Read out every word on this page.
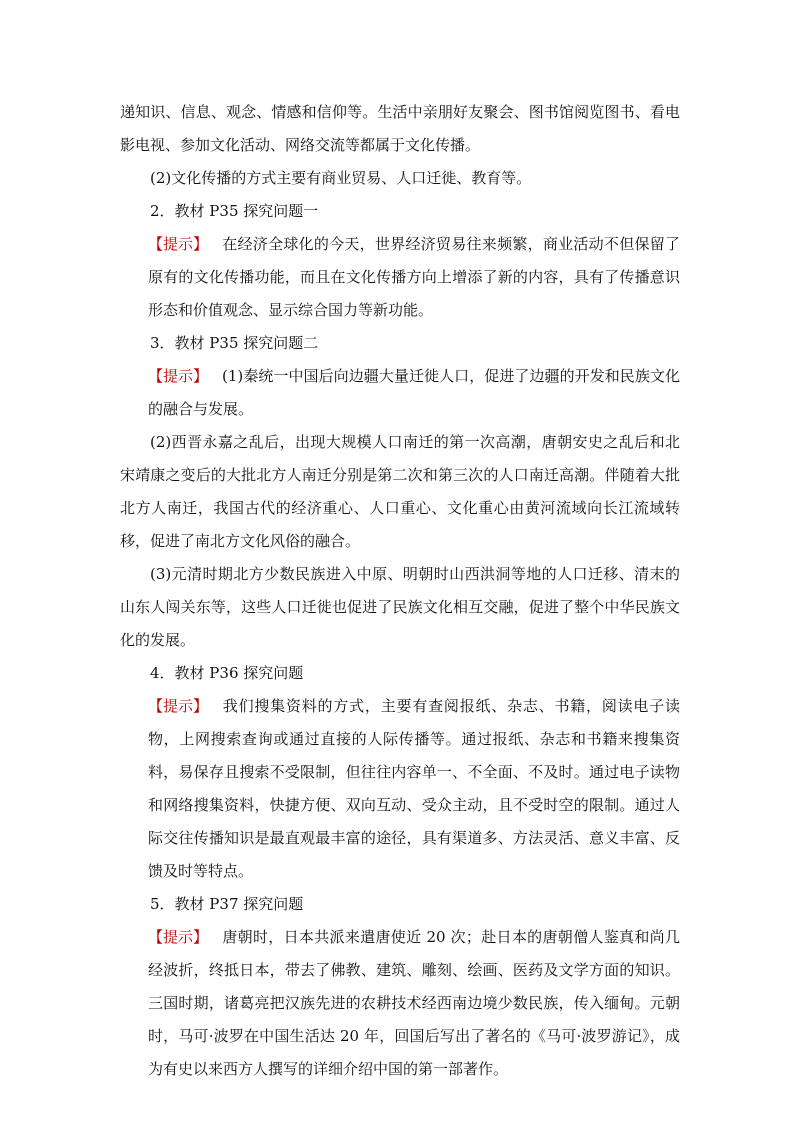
递知识、信息、观念、情感和信仰等。生活中亲朋好友聚会、图书馆阅览图书、看电影电视、参加文化活动、网络交流等都属于文化传播。

(2)文化传播的方式主要有商业贸易、人口迁徙、教育等。

2．教材 P35 探究问题一

【提示】 在经济全球化的今天，世界经济贸易往来频繁，商业活动不但保留了原有的文化传播功能，而且在文化传播方向上增添了新的内容，具有了传播意识形态和价值观念、显示综合国力等新功能。

3．教材 P35 探究问题二

【提示】 (1)秦统一中国后向边疆大量迁徙人口，促进了边疆的开发和民族文化的融合与发展。

(2)西晋永嘉之乱后，出现大规模人口南迁的第一次高潮，唐朝安史之乱后和北宋靖康之变后的大批北方人南迁分别是第二次和第三次的人口南迁高潮。伴随着大批北方人南迁，我国古代的经济重心、人口重心、文化重心由黄河流域向长江流域转移，促进了南北方文化风俗的融合。

(3)元清时期北方少数民族进入中原、明朝时山西洪洞等地的人口迁移、清末的山东人闯关东等，这些人口迁徙也促进了民族文化相互交融，促进了整个中华民族文化的发展。

4．教材 P36 探究问题

【提示】 我们搜集资料的方式，主要有查阅报纸、杂志、书籍，阅读电子读物，上网搜索查询或通过直接的人际传播等。通过报纸、杂志和书籍来搜集资料，易保存且搜索不受限制，但往往内容单一、不全面、不及时。通过电子读物和网络搜集资料，快捷方便、双向互动、受众主动，且不受时空的限制。通过人际交往传播知识是最直观最丰富的途径，具有渠道多、方法灵活、意义丰富、反馈及时等特点。

5．教材 P37 探究问题

【提示】 唐朝时，日本共派来遣唐使近 20 次；赴日本的唐朝僧人鉴真和尚几经波折，终抵日本，带去了佛教、建筑、雕刻、绘画、医药及文学方面的知识。三国时期，诸葛亮把汉族先进的农耕技术经西南边境少数民族，传入缅甸。元朝时，马可·波罗在中国生活达 20 年，回国后写出了著名的《马可·波罗游记》，成为有史以来西方人撰写的详细介绍中国的第一部著作。
